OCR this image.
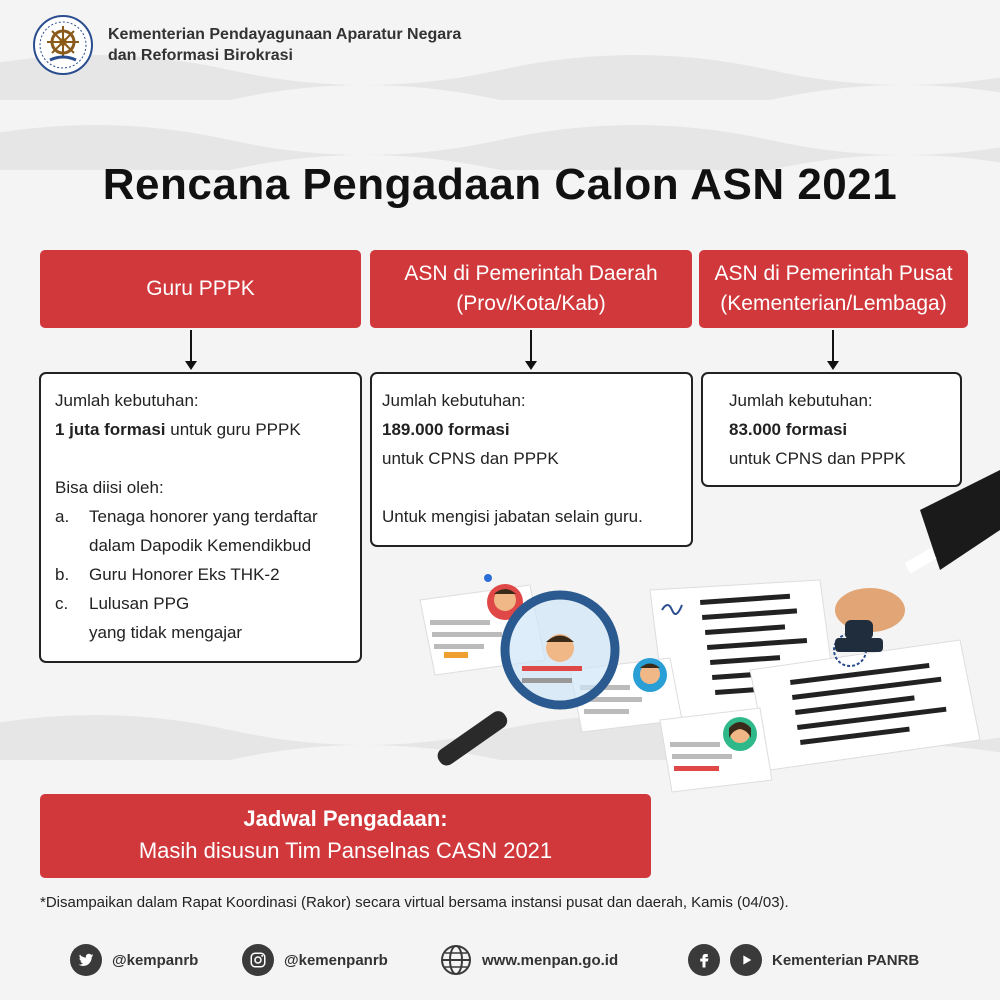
Kementerian Pendayagunaan Aparatur Negara
dan Reformasi Birokrasi
Rencana Pengadaan Calon ASN 2021
Guru PPPK
ASN di Pemerintah Daerah
(Prov/Kota/Kab)
ASN di Pemerintah Pusat
(Kementerian/Lembaga)
Jumlah kebutuhan:
1 juta formasi untuk guru PPPK
Bisa diisi oleh:
a.	Tenaga honorer yang terdaftar
dalam Dapodik Kemendikbud
b.	Guru Honorer Eks THK-2
c.	Lulusan PPG
yang tidak mengajar
Jumlah kebutuhan:
189.000 formasi
untuk CPNS dan PPPK
Untuk mengisi jabatan selain guru.
Jumlah kebutuhan:
83.000 formasi
untuk CPNS dan PPPK
Jadwal Pengadaan:
Masih disusun Tim Panselnas CASN 2021
*Disampaikan dalam Rapat Koordinasi (Rakor) secara virtual bersama instansi pusat dan daerah, Kamis (04/03).
@kempanrb	@kemenpanrb	www.menpan.go.id	Kementerian PANRB
